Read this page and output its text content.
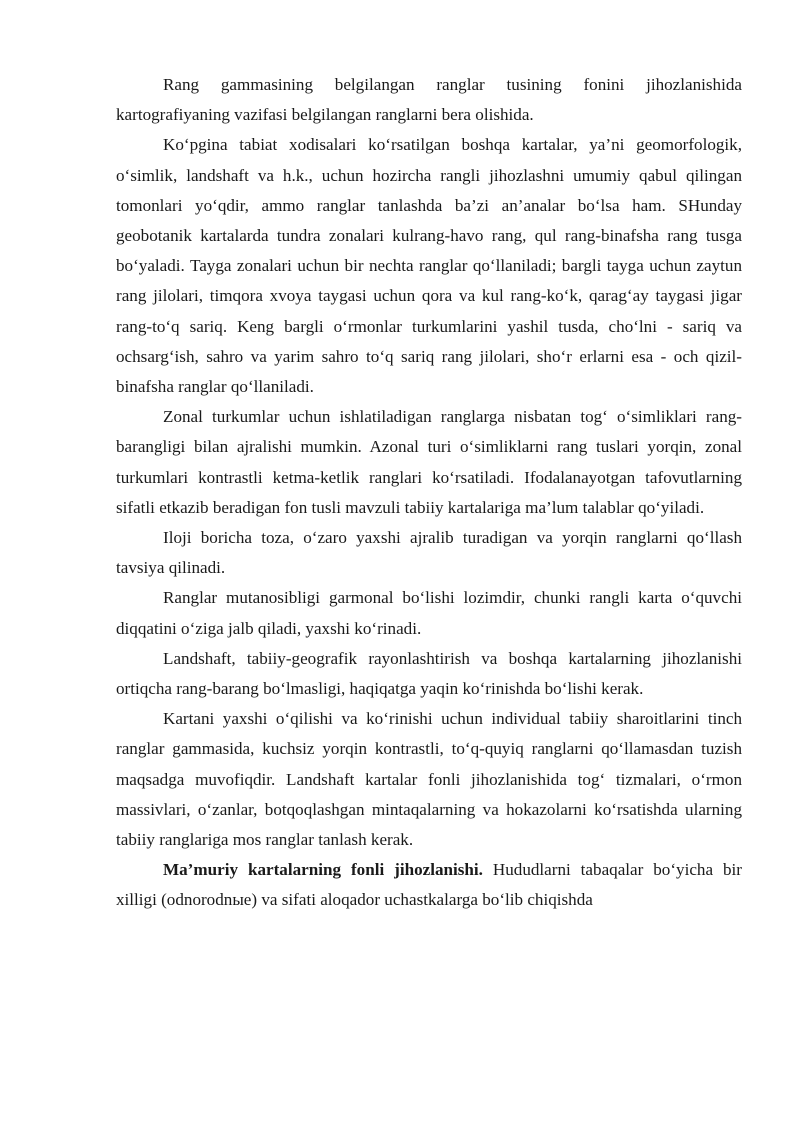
Rang gammasining belgilangan ranglar tusining fonini jihozlanishida kartografiyaning vazifasi belgilangan ranglarni bera olishida.

Ko‘pgina tabiat xodisalari ko‘rsatilgan boshqa kartalar, ya’ni geomorfologik, o‘simlik, landshaft va h.k., uchun hozircha rangli jihozlashni umumiy qabul qilingan tomonlari yo‘qdir, ammo ranglar tanlashda ba’zi an’analar bo‘lsa ham. SHunday geobotanik kartalarda tundra zonalari kulrang-havo rang, qul rang-binafsha rang tusga bo‘yaladi. Tayga zonalari uchun bir nechta ranglar qo‘llaniladi; bargli tayga uchun zaytun rang jilolari, timqora xvoya taygasi uchun qora va kul rang-ko‘k, qarag‘ay taygasi jigar rang-to‘q sariq. Keng bargli o‘rmonlar turkumlarini yashil tusda, cho‘lni - sariq va ochsarg‘ish, sahro va yarim sahro to‘q sariq rang jilolari, sho‘r erlarni esa - och qizil-binafsha ranglar qo‘llaniladi.

Zonal turkumlar uchun ishlatiladigan ranglarga nisbatan tog‘ o‘simliklari rang-barangligi bilan ajralishi mumkin. Azonal turi o‘simliklarni rang tuslari yorqin, zonal turkumlari kontrastli ketma-ketlik ranglari ko‘rsatiladi. Ifodalanayotgan tafovutlarning sifatli etkazib beradigan fon tusli mavzuli tabiiy kartalariga ma’lum talablar qo‘yiladi.

Iloji boricha toza, o‘zaro yaxshi ajralib turadigan va yorqin ranglarni qo‘llash tavsiya qilinadi.

Ranglar mutanosibligi garmonal bo‘lishi lozimdir, chunki rangli karta o‘quvchi diqqatini o‘ziga jalb qiladi, yaxshi ko‘rinadi.

Landshaft, tabiiy-geografik rayonlashtirish va boshqa kartalarning jihozlanishi ortiqcha rang-barang bo‘lmasligi, haqiqatga yaqin ko‘rinishda bo‘lishi kerak.

Kartani yaxshi o‘qilishi va ko‘rinishi uchun individual tabiiy sharoitlarini tinch ranglar gammasida, kuchsiz yorqin kontrastli, to‘q-quyiq ranglarni qo‘llamasdan tuzish maqsadga muvofiqdir. Landshaft kartalar fonli jihozlanishida tog‘ tizmalari, o‘rmon massivlari, o‘zanlar, botqoqlashgan mintaqalarning va hokazolarni ko‘rsatishda ularning tabiiy ranglariga mos ranglar tanlash kerak.

Ma’muriy kartalarning fonli jihozlanishi. Hududlarni tabaqalar bo‘yicha bir xilligi (odnorodnыe) va sifati aloqador uchastkalarga bo‘lib chiqishda
